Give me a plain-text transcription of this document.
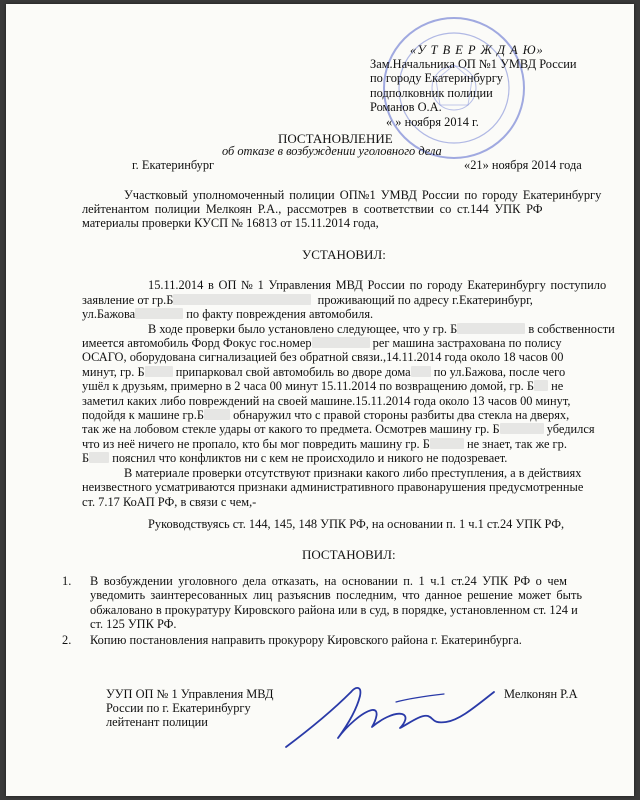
«У Т В Е Р Ж Д А Ю»
Зам.Начальника ОП №1 УМВД России
по городу Екатеринбургу
подполковник полиции
Романов О.А.
« » ноября 2014 г.
ПОСТАНОВЛЕНИЕ
об отказе в возбуждении уголовного дела
г. Екатеринбург	«21» ноября 2014 года
Участковый уполномоченный полиции ОП№1 УМВД России по городу Екатеринбургу
лейтенантом полиции Мелкоян Р.А., рассмотрев в соответствии со ст.144 УПК РФ
материалы проверки КУСП № 16813 от 15.11.2014 года,
УСТАНОВИЛ:
15.11.2014 в ОП № 1 Управления МВД России по городу Екатеринбургу поступило
заявление от гр.Б	проживающий по адресу г.Екатеринбург,
ул.Бажова	по факту повреждения автомобиля.
В ходе проверки было установлено следующее, что у гр. Б	в собственности
имеется автомобиль Форд Фокус гос.номер	рег машина застрахована по полису
ОСАГО, оборудована сигнализацией без обратной связи.,14.11.2014 года около 18 часов 00
минут, гр. Б	припарковал свой автомобиль во дворе дома по ул.Бажова, после чего
ушёл к друзьям, примерно в 2 часа 00 минут 15.11.2014 по возвращению домой, гр. Б не
заметил каких либо повреждений на своей машине.15.11.2014 года около 13 часов 00 минут,
подойдя к машине гр.Б обнаружил что с правой стороны разбиты два стекла на дверях,
так же на лобовом стекле удары от какого то предмета. Осмотрев машину гр. Б	убедился
что из неё ничего не пропало, кто бы мог повредить машину гр. Б	не знает, так же гр.
Б пояснил что конфликтов ни с кем не происходило и никого не подозревает.
В материале проверки отсутствуют признаки какого либо преступления, а в действиях
неизвестного усматриваются признаки административного правонарушения предусмотренные
ст. 7.17 КоАП РФ, в связи с чем,-
Руководствуясь ст. 144, 145, 148 УПК РФ, на основании п. 1 ч.1 ст.24 УПК РФ,
ПОСТАНОВИЛ:
1. В возбуждении уголовного дела отказать, на основании п. 1 ч.1 ст.24 УПК РФ о чем
уведомить заинтересованных лиц разъяснив последним, что данное решение может быть
обжаловано в прокуратуру Кировского района или в суд, в порядке, установленном ст. 124 и
ст. 125 УПК РФ.
2. Копию постановления направить прокурору Кировского района г. Екатеринбурга.
УУП ОП № 1 Управления МВД
России по г. Екатеринбургу
лейтенант полиции
Мелконян Р.А
